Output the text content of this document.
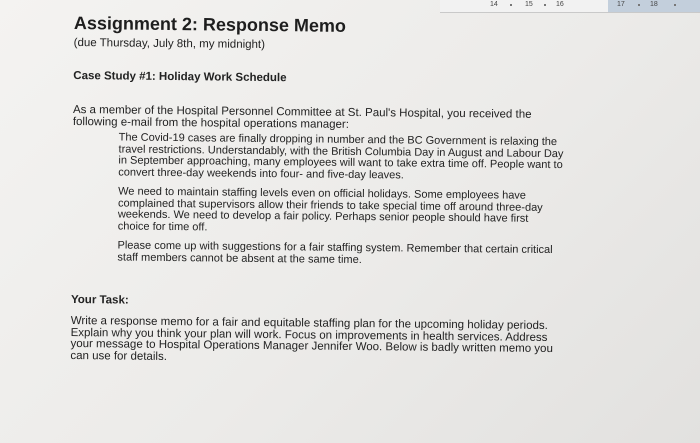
14	15	16	17	18
Assignment 2: Response Memo

(due Thursday, July 8th, my midnight)

Case Study #1: Holiday Work Schedule

As a member of the Hospital Personnel Committee at St. Paul's Hospital, you received the following e-mail from the hospital operations manager:

The Covid-19 cases are finally dropping in number and the BC Government is relaxing the travel restrictions. Understandably, with the British Columbia Day in August and Labour Day in September approaching, many employees will want to take extra time off. People want to convert three-day weekends into four- and five-day leaves.

We need to maintain staffing levels even on official holidays. Some employees have complained that supervisors allow their friends to take special time off around three-day weekends. We need to develop a fair policy. Perhaps senior people should have first choice for time off.

Please come up with suggestions for a fair staffing system. Remember that certain critical staff members cannot be absent at the same time.

Your Task:

Write a response memo for a fair and equitable staffing plan for the upcoming holiday periods. Explain why you think your plan will work. Focus on improvements in health services. Address your message to Hospital Operations Manager Jennifer Woo. Below is badly written memo you can use for details.
